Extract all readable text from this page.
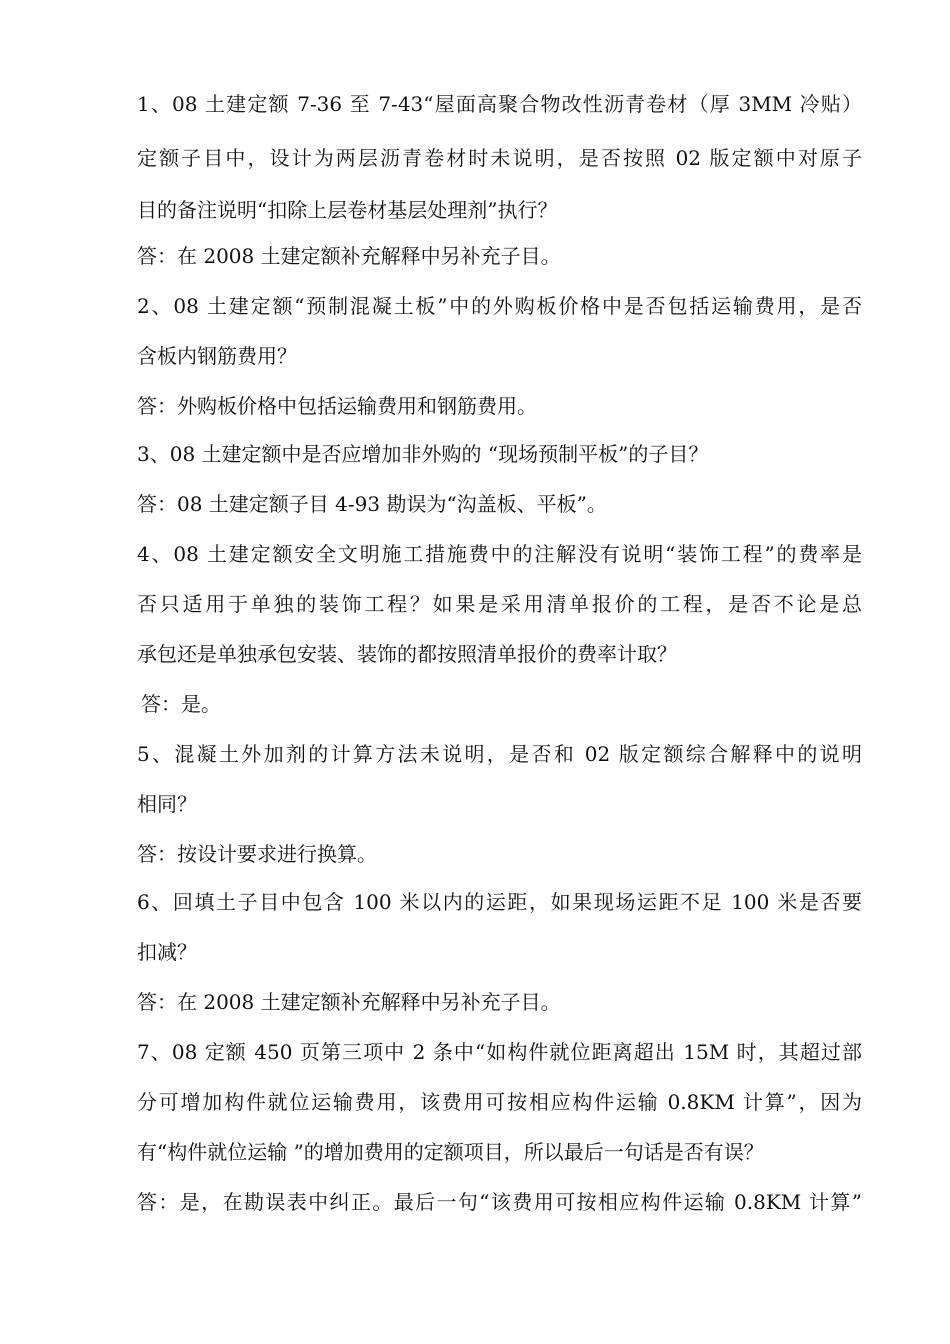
1、08 土建定额 7-36 至 7-43“屋面高聚合物改性沥青卷材（厚 3MM 冷贴）
定额子目中，设计为两层沥青卷材时未说明，是否按照 02 版定额中对原子
目的备注说明“扣除上层卷材基层处理剂”执行？
答：在 2008 土建定额补充解释中另补充子目。
2、08 土建定额“预制混凝土板”中的外购板价格中是否包括运输费用，是否
含板内钢筋费用？
答：外购板价格中包括运输费用和钢筋费用。
3、08 土建定额中是否应增加非外购的 “现场预制平板”的子目？
答：08 土建定额子目 4-93 勘误为“沟盖板、平板”。
4、08 土建定额安全文明施工措施费中的注解没有说明“装饰工程”的费率是
否只适用于单独的装饰工程？如果是采用清单报价的工程，是否不论是总
承包还是单独承包安装、装饰的都按照清单报价的费率计取？
答：是。
5、混凝土外加剂的计算方法未说明，是否和 02 版定额综合解释中的说明
相同？
答：按设计要求进行换算。
6、回填土子目中包含 100 米以内的运距，如果现场运距不足 100 米是否要
扣减？
答：在 2008 土建定额补充解释中另补充子目。
7、08 定额 450 页第三项中 2 条中“如构件就位距离超出 15M 时，其超过部
分可增加构件就位运输费用，该费用可按相应构件运输 0.8KM 计算”，因为
有“构件就位运输 ”的增加费用的定额项目，所以最后一句话是否有误？
答：是，在勘误表中纠正。最后一句“该费用可按相应构件运输 0.8KM 计算”
